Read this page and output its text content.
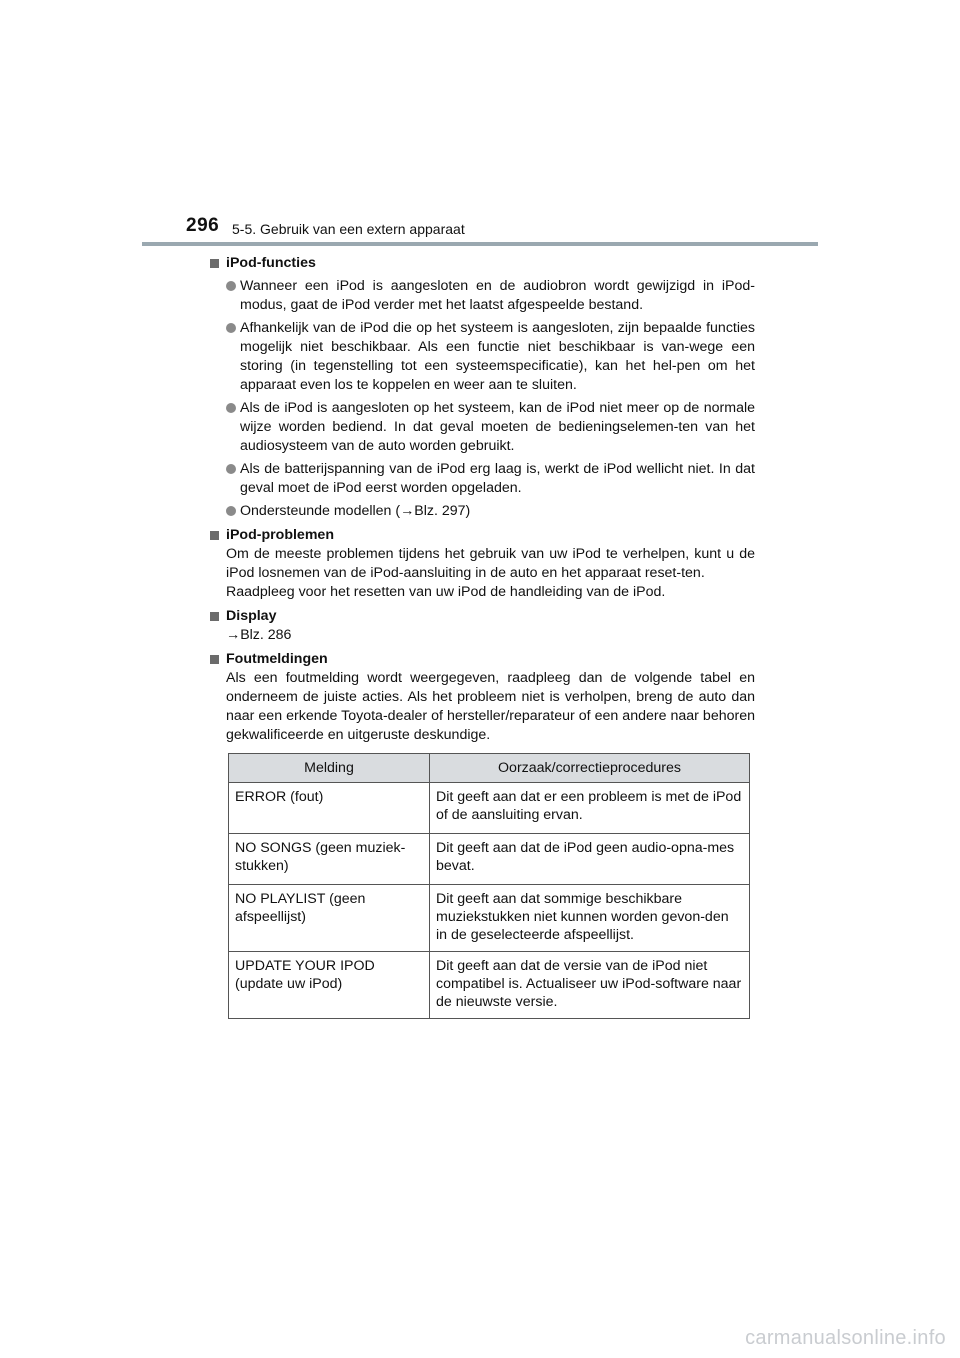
296 5-5. Gebruik van een extern apparaat
iPod-functies
Wanneer een iPod is aangesloten en de audiobron wordt gewijzigd in iPod-modus, gaat de iPod verder met het laatst afgespeelde bestand.
Afhankelijk van de iPod die op het systeem is aangesloten, zijn bepaalde functies mogelijk niet beschikbaar. Als een functie niet beschikbaar is van-wege een storing (in tegenstelling tot een systeemspecificatie), kan het hel-pen om het apparaat even los te koppelen en weer aan te sluiten.
Als de iPod is aangesloten op het systeem, kan de iPod niet meer op de normale wijze worden bediend. In dat geval moeten de bedieningselemen-ten van het audiosysteem van de auto worden gebruikt.
Als de batterijspanning van de iPod erg laag is, werkt de iPod wellicht niet. In dat geval moet de iPod eerst worden opgeladen.
Ondersteunde modellen (→Blz. 297)
iPod-problemen
Om de meeste problemen tijdens het gebruik van uw iPod te verhelpen, kunt u de iPod losnemen van de iPod-aansluiting in de auto en het apparaat reset-ten.
Raadpleeg voor het resetten van uw iPod de handleiding van de iPod.
Display
→Blz. 286
Foutmeldingen
Als een foutmelding wordt weergegeven, raadpleeg dan de volgende tabel en onderneem de juiste acties. Als het probleem niet is verholpen, breng de auto dan naar een erkende Toyota-dealer of hersteller/reparateur of een andere naar behoren gekwalificeerde en uitgeruste deskundige.
Melding	Oorzaak/correctieprocedures
ERROR (fout)	Dit geeft aan dat er een probleem is met de iPod of de aansluiting ervan.
NO SONGS (geen muziek-stukken)	Dit geeft aan dat de iPod geen audio-opna-mes bevat.
NO PLAYLIST (geen afspeellijst)	Dit geeft aan dat sommige beschikbare muziekstukken niet kunnen worden gevon-den in de geselecteerde afspeellijst.
UPDATE YOUR IPOD (update uw iPod)	Dit geeft aan dat de versie van de iPod niet compatibel is. Actualiseer uw iPod-software naar de nieuwste versie.
carmanualsonline.info
